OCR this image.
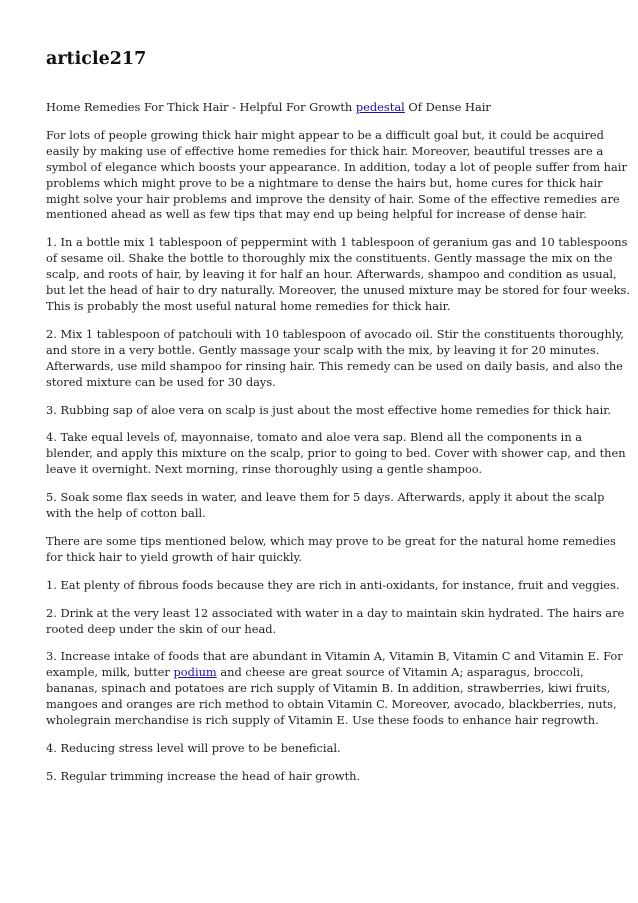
article217

Home Remedies For Thick Hair - Helpful For Growth pedestal Of Dense Hair

For lots of people growing thick hair might appear to be a difficult goal but, it could be acquired
easily by making use of effective home remedies for thick hair. Moreover, beautiful tresses are a
symbol of elegance which boosts your appearance. In addition, today a lot of people suffer from hair
problems which might prove to be a nightmare to dense the hairs but, home cures for thick hair
might solve your hair problems and improve the density of hair. Some of the effective remedies are
mentioned ahead as well as few tips that may end up being helpful for increase of dense hair.

1. In a bottle mix 1 tablespoon of peppermint with 1 tablespoon of geranium gas and 10 tablespoons
of sesame oil. Shake the bottle to thoroughly mix the constituents. Gently massage the mix on the
scalp, and roots of hair, by leaving it for half an hour. Afterwards, shampoo and condition as usual,
but let the head of hair to dry naturally. Moreover, the unused mixture may be stored for four weeks.
This is probably the most useful natural home remedies for thick hair.

2. Mix 1 tablespoon of patchouli with 10 tablespoon of avocado oil. Stir the constituents thoroughly,
and store in a very bottle. Gently massage your scalp with the mix, by leaving it for 20 minutes.
Afterwards, use mild shampoo for rinsing hair. This remedy can be used on daily basis, and also the
stored mixture can be used for 30 days.

3. Rubbing sap of aloe vera on scalp is just about the most effective home remedies for thick hair.

4. Take equal levels of, mayonnaise, tomato and aloe vera sap. Blend all the components in a
blender, and apply this mixture on the scalp, prior to going to bed. Cover with shower cap, and then
leave it overnight. Next morning, rinse thoroughly using a gentle shampoo.

5. Soak some flax seeds in water, and leave them for 5 days. Afterwards, apply it about the scalp
with the help of cotton ball.

There are some tips mentioned below, which may prove to be great for the natural home remedies
for thick hair to yield growth of hair quickly.

1. Eat plenty of fibrous foods because they are rich in anti-oxidants, for instance, fruit and veggies.

2. Drink at the very least 12 associated with water in a day to maintain skin hydrated. The hairs are
rooted deep under the skin of our head.

3. Increase intake of foods that are abundant in Vitamin A, Vitamin B, Vitamin C and Vitamin E. For
example, milk, butter podium and cheese are great source of Vitamin A; asparagus, broccoli,
bananas, spinach and potatoes are rich supply of Vitamin B. In addition, strawberries, kiwi fruits,
mangoes and oranges are rich method to obtain Vitamin C. Moreover, avocado, blackberries, nuts,
wholegrain merchandise is rich supply of Vitamin E. Use these foods to enhance hair regrowth.

4. Reducing stress level will prove to be beneficial.

5. Regular trimming increase the head of hair growth.
